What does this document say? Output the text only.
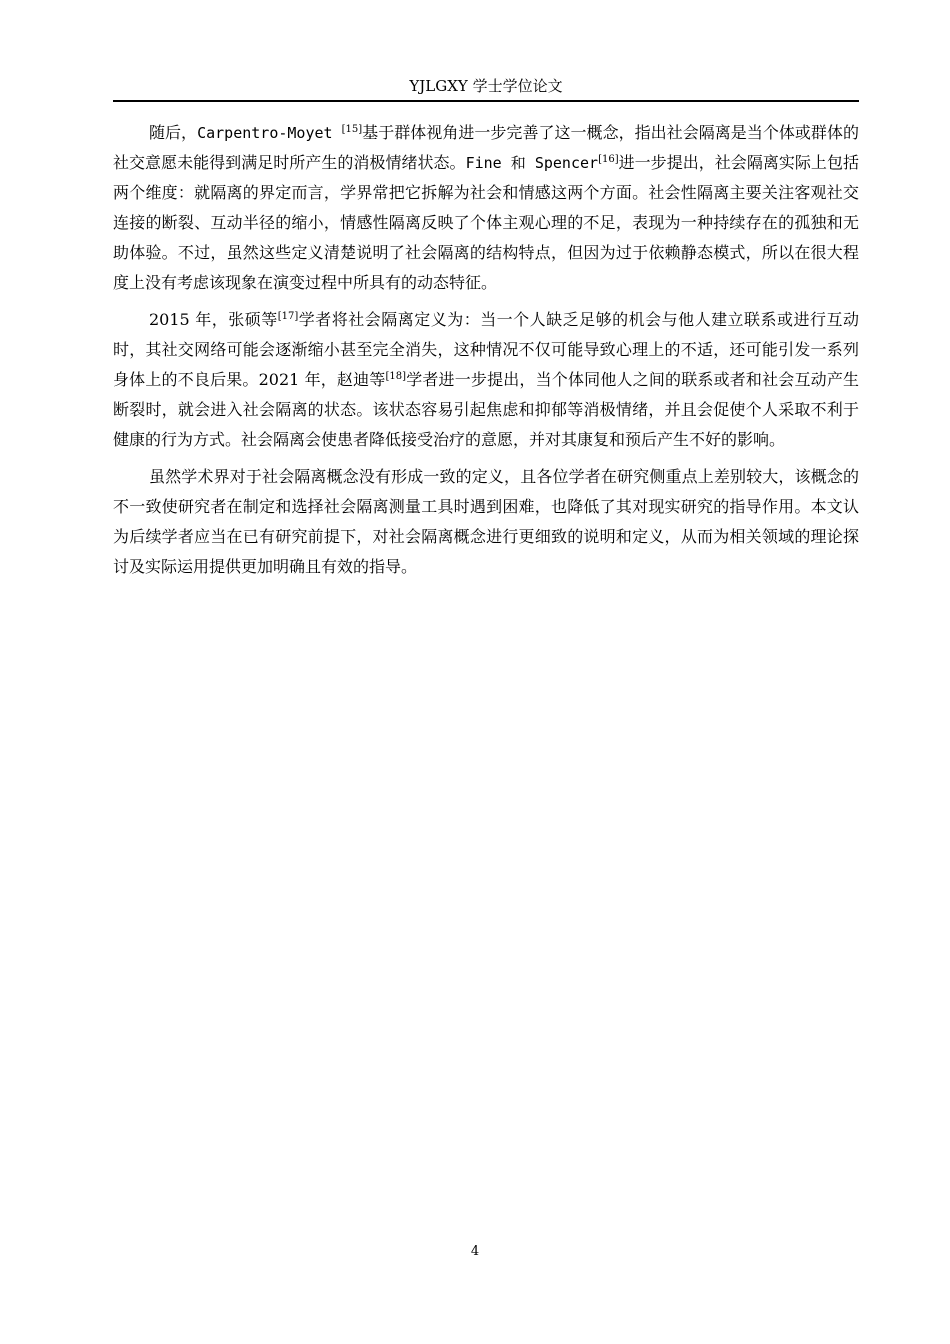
YJLGXY 学士学位论文

随后，Carpentro-Moyet [15]基于群体视角进一步完善了这一概念，指出社会隔离是当个体或群体的社交意愿未能得到满足时所产生的消极情绪状态。Fine 和 Spencer[16]进一步提出，社会隔离实际上包括两个维度：就隔离的界定而言，学界常把它拆解为社会和情感这两个方面。社会性隔离主要关注客观社交连接的断裂、互动半径的缩小，情感性隔离反映了个体主观心理的不足，表现为一种持续存在的孤独和无助体验。不过，虽然这些定义清楚说明了社会隔离的结构特点，但因为过于依赖静态模式，所以在很大程度上没有考虑该现象在演变过程中所具有的动态特征。

2015 年，张硕等[17]学者将社会隔离定义为：当一个人缺乏足够的机会与他人建立联系或进行互动时，其社交网络可能会逐渐缩小甚至完全消失，这种情况不仅可能导致心理上的不适，还可能引发一系列身体上的不良后果。2021 年，赵迪等[18]学者进一步提出，当个体同他人之间的联系或者和社会互动产生断裂时，就会进入社会隔离的状态。该状态容易引起焦虑和抑郁等消极情绪，并且会促使个人采取不利于健康的行为方式。社会隔离会使患者降低接受治疗的意愿，并对其康复和预后产生不好的影响。

虽然学术界对于社会隔离概念没有形成一致的定义，且各位学者在研究侧重点上差别较大，该概念的不一致使研究者在制定和选择社会隔离测量工具时遇到困难，也降低了其对现实研究的指导作用。本文认为后续学者应当在已有研究前提下，对社会隔离概念进行更细致的说明和定义，从而为相关领域的理论探讨及实际运用提供更加明确且有效的指导。

4
